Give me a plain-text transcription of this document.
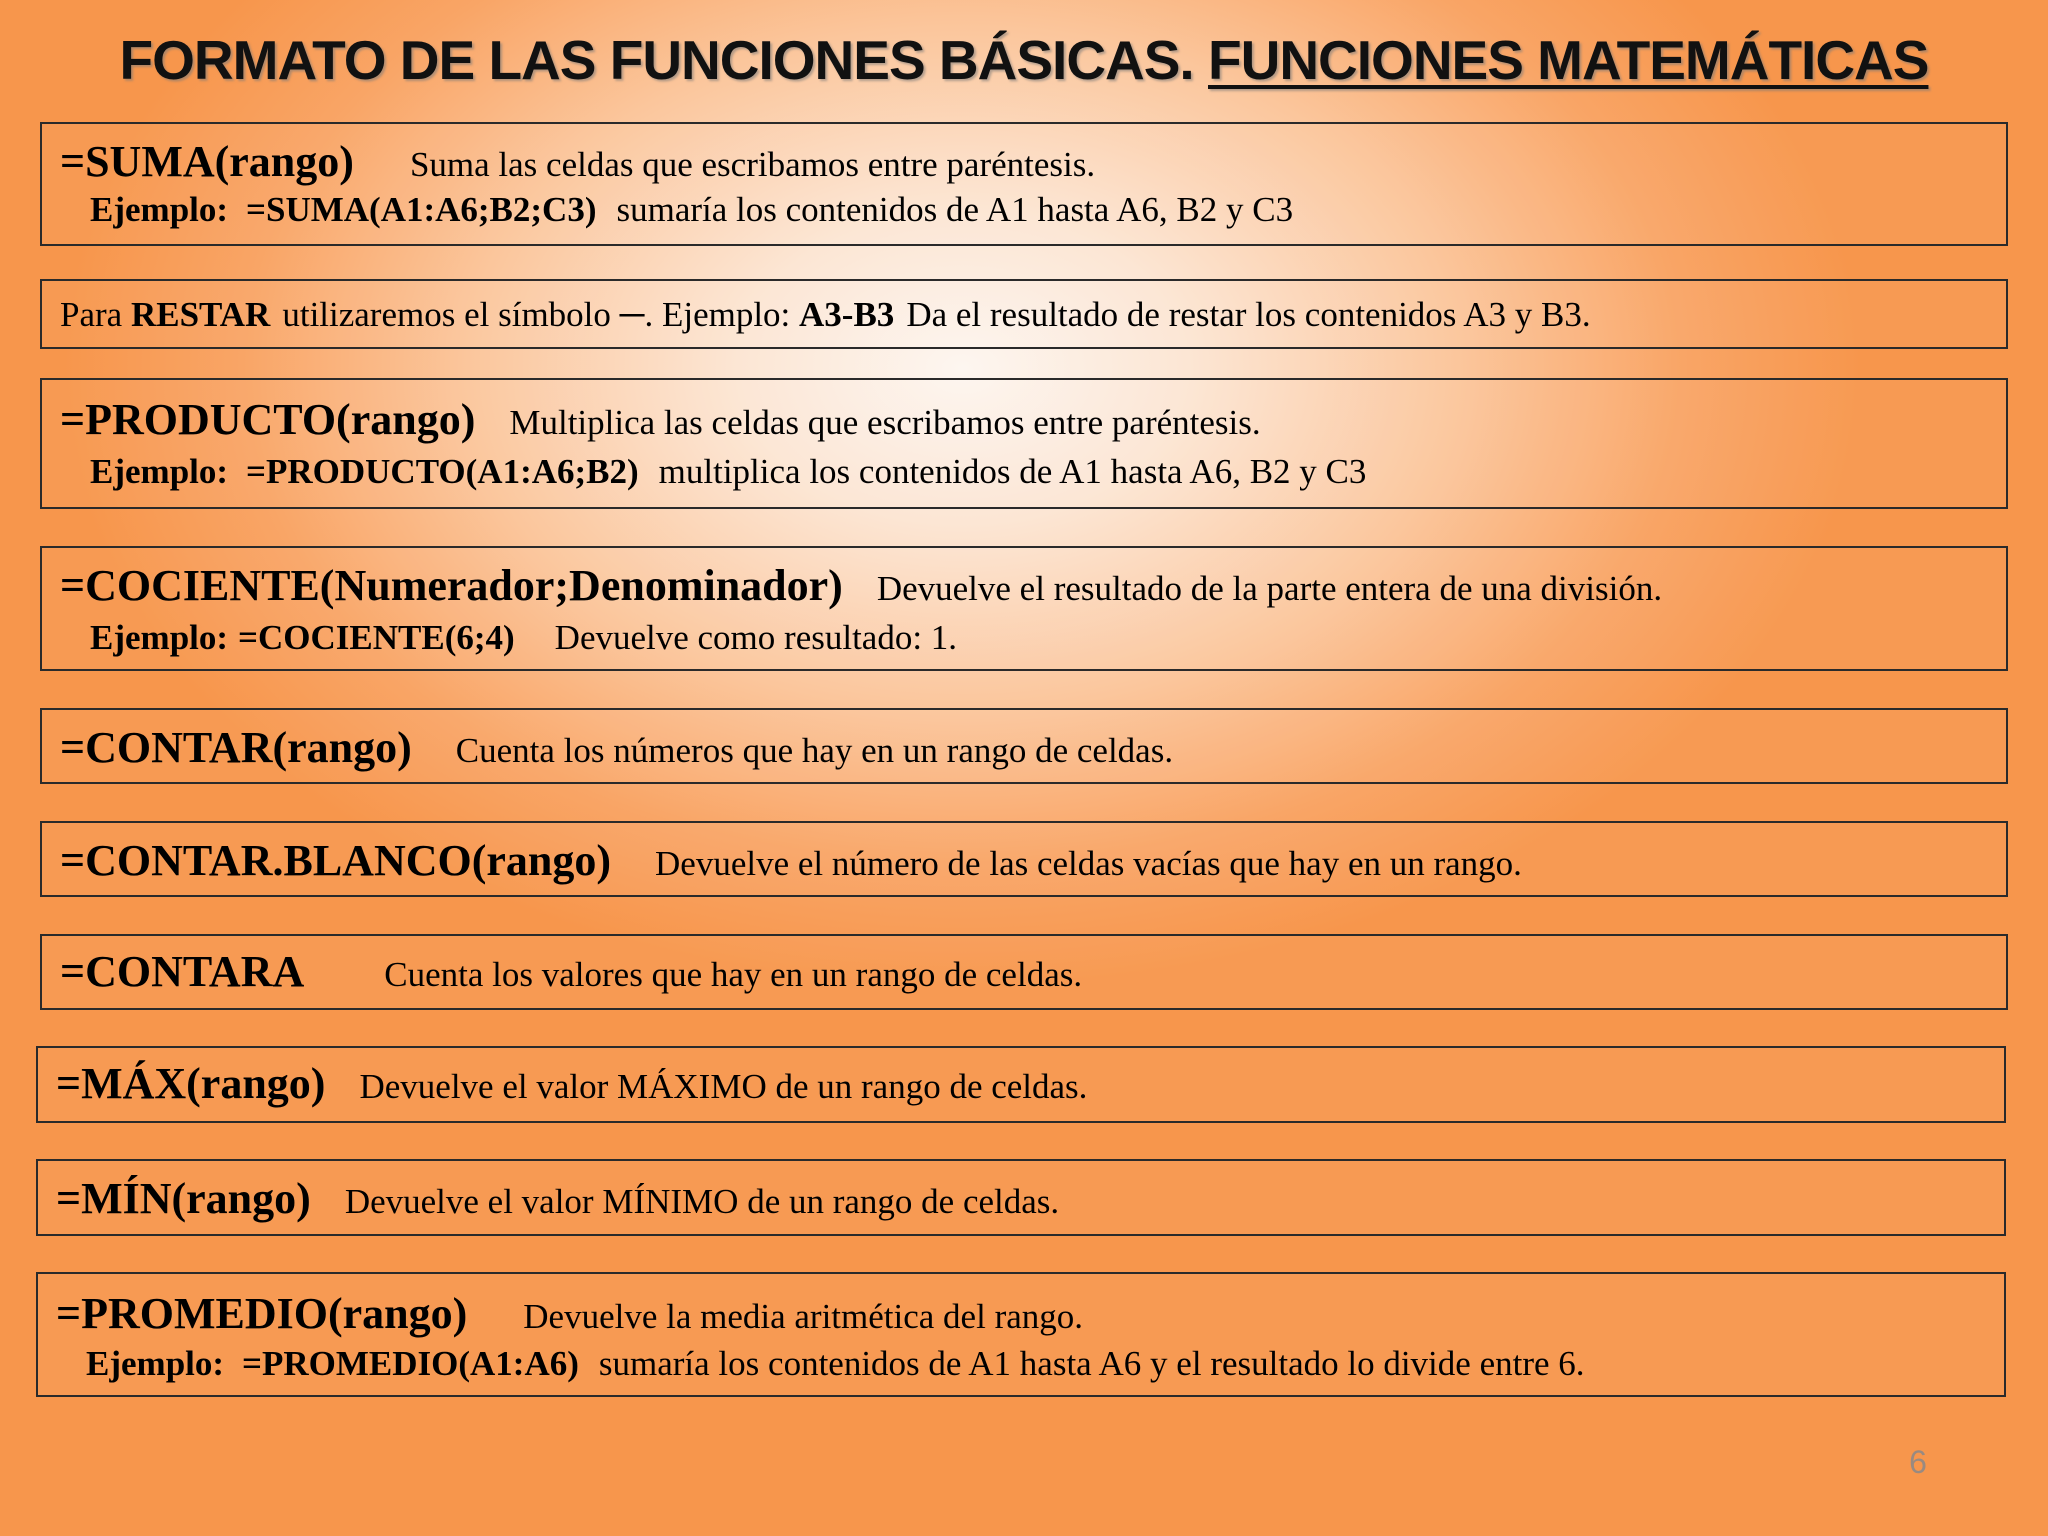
FORMATO DE LAS FUNCIONES BÁSICAS. FUNCIONES MATEMÁTICAS
=SUMA(rango) Suma las celdas que escribamos entre paréntesis.
Ejemplo: =SUMA(A1:A6;B2;C3) sumaría los contenidos de A1 hasta A6, B2 y C3
Para RESTAR utilizaremos el símbolo ─. Ejemplo: A3-B3 Da el resultado de restar los contenidos A3 y B3.
=PRODUCTO(rango) Multiplica las celdas que escribamos entre paréntesis.
Ejemplo: =PRODUCTO(A1:A6;B2) multiplica los contenidos de A1 hasta A6, B2 y C3
=COCIENTE(Numerador;Denominador) Devuelve el resultado de la parte entera de una división.
Ejemplo: =COCIENTE(6;4) Devuelve como resultado: 1.
=CONTAR(rango) Cuenta los números que hay en un rango de celdas.
=CONTAR.BLANCO(rango) Devuelve el número de las celdas vacías que hay en un rango.
=CONTARA Cuenta los valores que hay en un rango de celdas.
=MÁX(rango) Devuelve el valor MÁXIMO de un rango de celdas.
=MÍN(rango) Devuelve el valor MÍNIMO de un rango de celdas.
=PROMEDIO(rango) Devuelve la media aritmética del rango.
Ejemplo: =PROMEDIO(A1:A6) sumaría los contenidos de A1 hasta A6 y el resultado lo divide entre 6.
6
